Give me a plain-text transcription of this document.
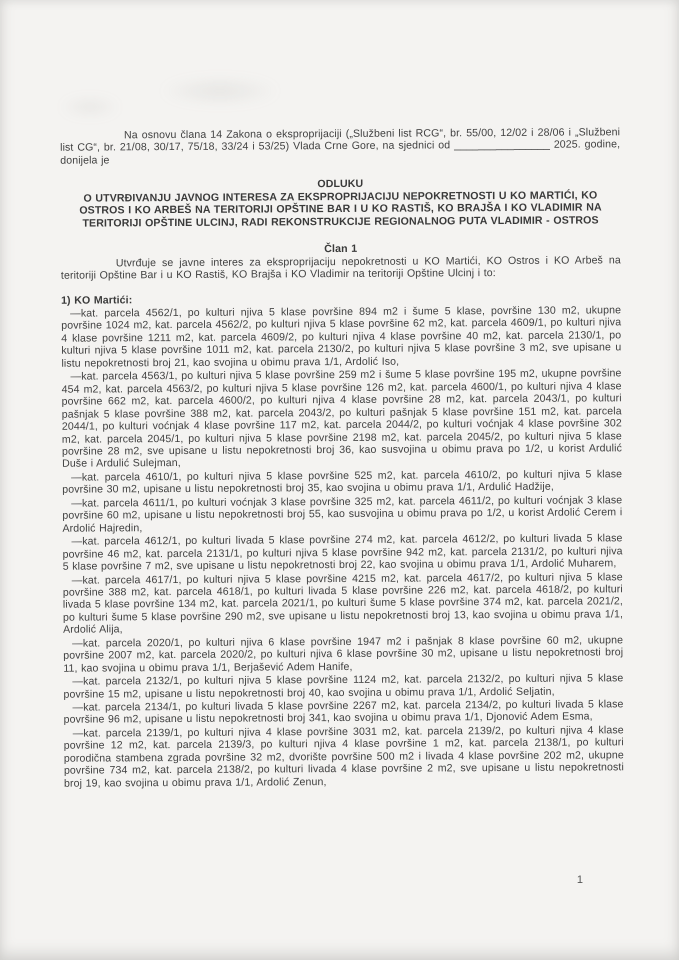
Na osnovu člana 14 Zakona o eksproprijaciji („Službeni list RCG“, br. 55/00, 12/02 i 28/06 i „Službeni list CG“, br. 21/08, 30/17, 75/18, 33/24 i 53/25) Vlada Crne Gore, na sjednici od ________________ 2025. godine, donijela je

ODLUKU

O UTVRĐIVANJU JAVNOG INTERESA ZA EKSPROPRIJACIJU NEPOKRETNOSTI U KO MARTIĆI, KO OSTROS I KO ARBEŠ NA TERITORIJI OPŠTINE BAR I U KO RASTIŠ, KO BRAJŠA I KO VLADIMIR NA TERITORIJI OPŠTINE ULCINJ, RADI REKONSTRUKCIJE REGIONALNOG PUTA VLADIMIR - OSTROS

Član 1

Utvrđuje se javne interes za eksproprijaciju nepokretnosti u KO Martići, KO Ostros i KO Arbeš na teritoriji Opštine Bar i u KO Rastiš, KO Brajša i KO Vladimir na teritoriji Opštine Ulcinj i to:

1) KO Martići:

—kat. parcela 4562/1, po kulturi njiva 5 klase površine 894 m2 i šume 5 klase, površine 130 m2, ukupne površine 1024 m2, kat. parcela 4562/2, po kulturi njiva 5 klase površine 62 m2, kat. parcela 4609/1, po kulturi njiva 4 klase površine 1211 m2, kat. parcela 4609/2, po kulturi njiva 4 klase površine 40 m2, kat. parcela 2130/1, po kulturi njiva 5 klase površine 1011 m2, kat. parcela 2130/2, po kulturi njiva 5 klase površine 3 m2, sve upisane u listu nepokretnosti broj 21, kao svojina u obimu prava 1/1, Ardolić Iso,

—kat. parcela 4563/1, po kulturi njiva 5 klase površine 259 m2 i šume 5 klase površine 195 m2, ukupne površine 454 m2, kat. parcela 4563/2, po kulturi njiva 5 klase površine 126 m2, kat. parcela 4600/1, po kulturi njiva 4 klase površine 662 m2, kat. parcela 4600/2, po kulturi njiva 4 klase površine 28 m2, kat. parcela 2043/1, po kulturi pašnjak 5 klase površine 388 m2, kat. parcela 2043/2, po kulturi pašnjak 5 klase površine 151 m2, kat. parcela 2044/1, po kulturi voćnjak 4 klase površine 117 m2, kat. parcela 2044/2, po kulturi voćnjak 4 klase površine 302 m2, kat. parcela 2045/1, po kulturi njiva 5 klase površine 2198 m2, kat. parcela 2045/2, po kulturi njiva 5 klase površine 28 m2, sve upisane u listu nepokretnosti broj 36, kao susvojina u obimu prava po 1/2, u korist Ardulić Duše i Ardulić Sulejman,

—kat. parcela 4610/1, po kulturi njiva 5 klase površine 525 m2, kat. parcela 4610/2, po kulturi njiva 5 klase površine 30 m2, upisane u listu nepokretnosti broj 35, kao svojina u obimu prava 1/1, Ardulić Hadžije,

—kat. parcela 4611/1, po kulturi voćnjak 3 klase površine 325 m2, kat. parcela 4611/2, po kulturi voćnjak 3 klase površine 60 m2, upisane u listu nepokretnosti broj 55, kao susvojina u obimu prava po 1/2, u korist Ardolić Cerem i Ardolić Hajredin,

—kat. parcela 4612/1, po kulturi livada 5 klase površine 274 m2, kat. parcela 4612/2, po kulturi livada 5 klase površine 46 m2, kat. parcela 2131/1, po kulturi njiva 5 klase površine 942 m2, kat. parcela 2131/2, po kulturi njiva 5 klase površine 7 m2, sve upisane u listu nepokretnosti broj 22, kao svojina u obimu prava 1/1, Ardolić Muharem,

—kat. parcela 4617/1, po kulturi njiva 5 klase površine 4215 m2, kat. parcela 4617/2, po kulturi njiva 5 klase površine 388 m2, kat. parcela 4618/1, po kulturi livada 5 klase površine 226 m2, kat. parcela 4618/2, po kulturi livada 5 klase površine 134 m2, kat. parcela 2021/1, po kulturi šume 5 klase površine 374 m2, kat. parcela 2021/2, po kulturi šume 5 klase površine 290 m2, sve upisane u listu nepokretnosti broj 13, kao svojina u obimu prava 1/1, Ardolić Alija,

—kat. parcela 2020/1, po kulturi njiva 6 klase površine 1947 m2 i pašnjak 8 klase površine 60 m2, ukupne površine 2007 m2, kat. parcela 2020/2, po kulturi njiva 6 klase površine 30 m2, upisane u listu nepokretnosti broj 11, kao svojina u obimu prava 1/1, Berjašević Adem Hanife,

—kat. parcela 2132/1, po kulturi njiva 5 klase površine 1124 m2, kat. parcela 2132/2, po kulturi njiva 5 klase površine 15 m2, upisane u listu nepokretnosti broj 40, kao svojina u obimu prava 1/1, Ardolić Seljatin,

—kat. parcela 2134/1, po kulturi livada 5 klase površine 2267 m2, kat. parcela 2134/2, po kulturi livada 5 klase površine 96 m2, upisane u listu nepokretnosti broj 341, kao svojina u obimu prava 1/1, Djonović Adem Esma,

—kat. parcela 2139/1, po kulturi njiva 4 klase površine 3031 m2, kat. parcela 2139/2, po kulturi njiva 4 klase površine 12 m2, kat. parcela 2139/3, po kulturi njiva 4 klase površine 1 m2, kat. parcela 2138/1, po kulturi porodična stambena zgrada površine 32 m2, dvorište površine 500 m2 i livada 4 klase površine 202 m2, ukupne površine 734 m2, kat. parcela 2138/2, po kulturi livada 4 klase površine 2 m2, sve upisane u listu nepokretnosti broj 19, kao svojina u obimu prava 1/1, Ardolić Zenun,

1
